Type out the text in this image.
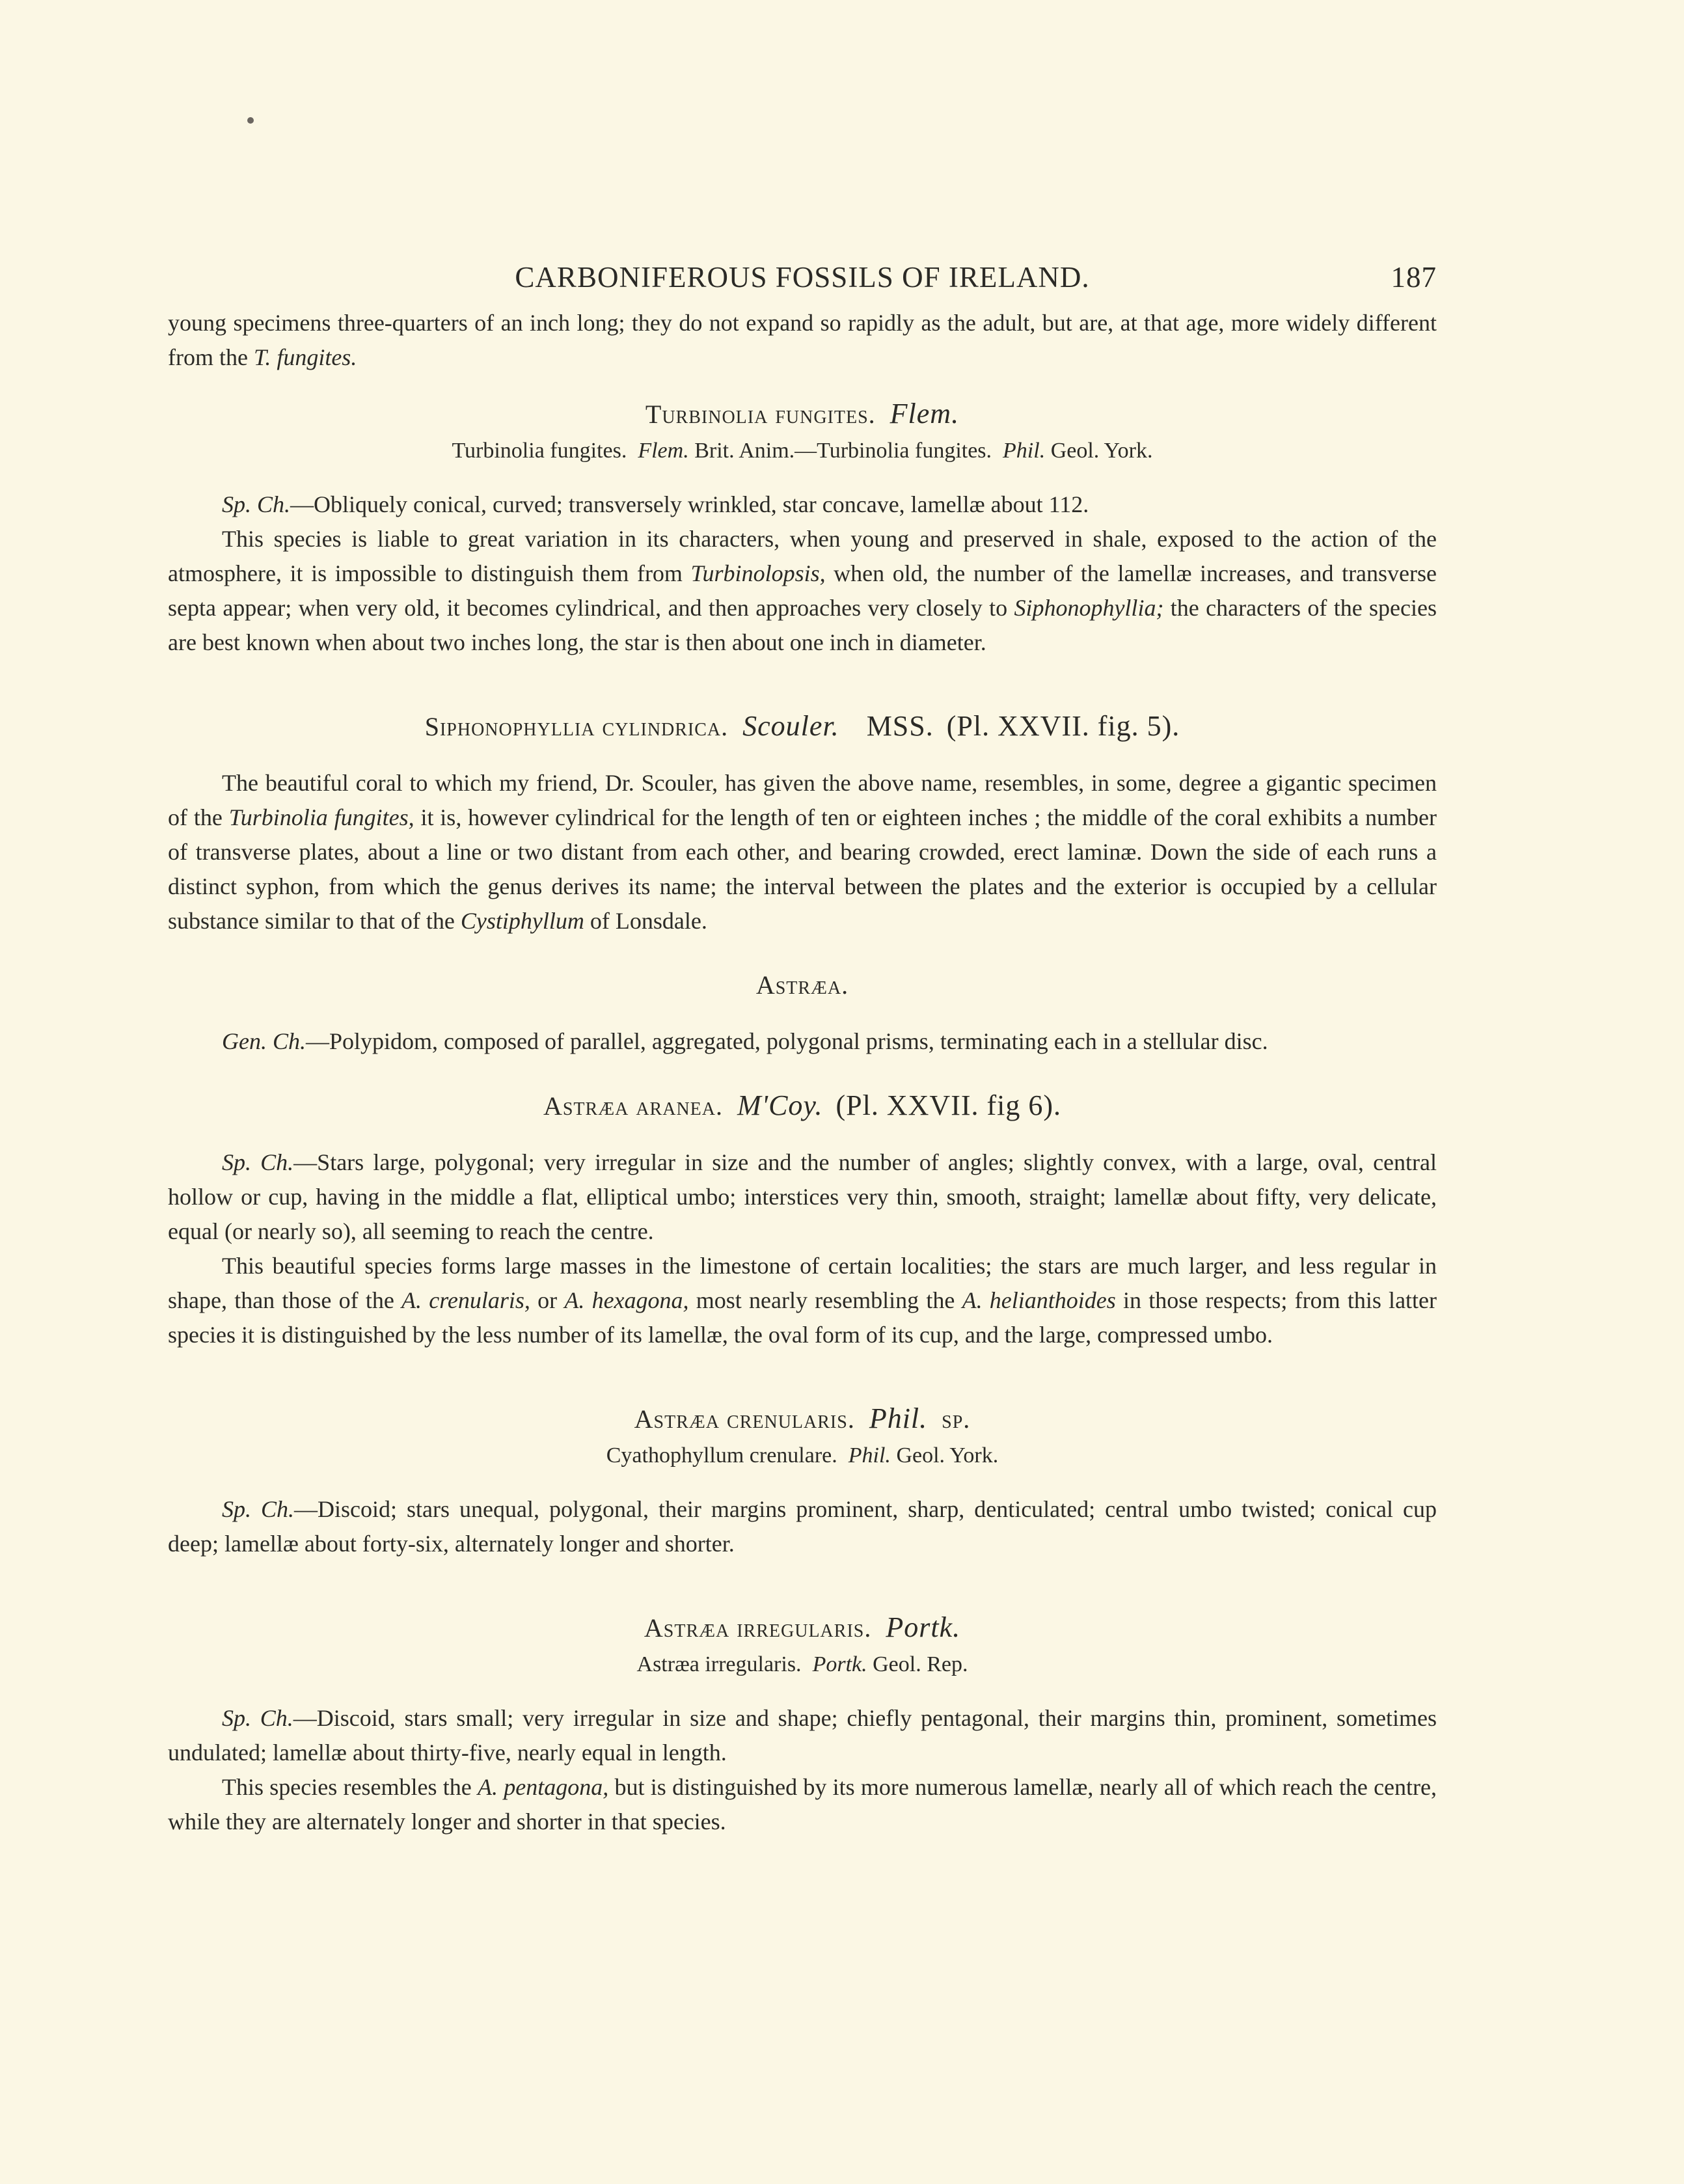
CARBONIFEROUS FOSSILS OF IRELAND.	187

young specimens three-quarters of an inch long; they do not expand so rapidly as the adult, but are, at that age, more widely different from the T. fungites.

Turbinolia fungites. Flem.
Turbinolia fungites. Flem. Brit. Anim.—Turbinolia fungites. Phil. Geol. York.

Sp. Ch.—Obliquely conical, curved; transversely wrinkled, star concave, lamellæ about 112.

This species is liable to great variation in its characters, when young and preserved in shale, exposed to the action of the atmosphere, it is impossible to distinguish them from Turbinolopsis, when old, the number of the lamellæ increases, and transverse septa appear; when very old, it becomes cylindrical, and then approaches very closely to Siphonophyllia; the characters of the species are best known when about two inches long, the star is then about one inch in diameter.

Siphonophyllia cylindrica. Scouler. MSS. (Pl. XXVII. fig. 5).

The beautiful coral to which my friend, Dr. Scouler, has given the above name, resembles, in some, degree a gigantic specimen of the Turbinolia fungites, it is, however cylindrical for the length of ten or eighteen inches ; the middle of the coral exhibits a number of transverse plates, about a line or two distant from each other, and bearing crowded, erect laminæ. Down the side of each runs a distinct syphon, from which the genus derives its name; the interval between the plates and the exterior is occupied by a cellular substance similar to that of the Cystiphyllum of Lonsdale.

Astræa.

Gen. Ch.—Polypidom, composed of parallel, aggregated, polygonal prisms, terminating each in a stellular disc.

Astræa aranea. M'Coy. (Pl. XXVII. fig 6).

Sp. Ch.—Stars large, polygonal; very irregular in size and the number of angles; slightly convex, with a large, oval, central hollow or cup, having in the middle a flat, elliptical umbo; interstices very thin, smooth, straight; lamellæ about fifty, very delicate, equal (or nearly so), all seeming to reach the centre.

This beautiful species forms large masses in the limestone of certain localities; the stars are much larger, and less regular in shape, than those of the A. crenularis, or A. hexagona, most nearly resembling the A. helianthoides in those respects; from this latter species it is distinguished by the less number of its lamellæ, the oval form of its cup, and the large, compressed umbo.

Astræa crenularis. Phil. sp.
Cyathophyllum crenulare. Phil. Geol. York.

Sp. Ch.—Discoid; stars unequal, polygonal, their margins prominent, sharp, denticulated; central umbo twisted; conical cup deep; lamellæ about forty-six, alternately longer and shorter.

Astræa irregularis. Portk.
Astræa irregularis. Portk. Geol. Rep.

Sp. Ch.—Discoid, stars small; very irregular in size and shape; chiefly pentagonal, their margins thin, prominent, sometimes undulated; lamellæ about thirty-five, nearly equal in length.

This species resembles the A. pentagona, but is distinguished by its more numerous lamellæ, nearly all of which reach the centre, while they are alternately longer and shorter in that species.
